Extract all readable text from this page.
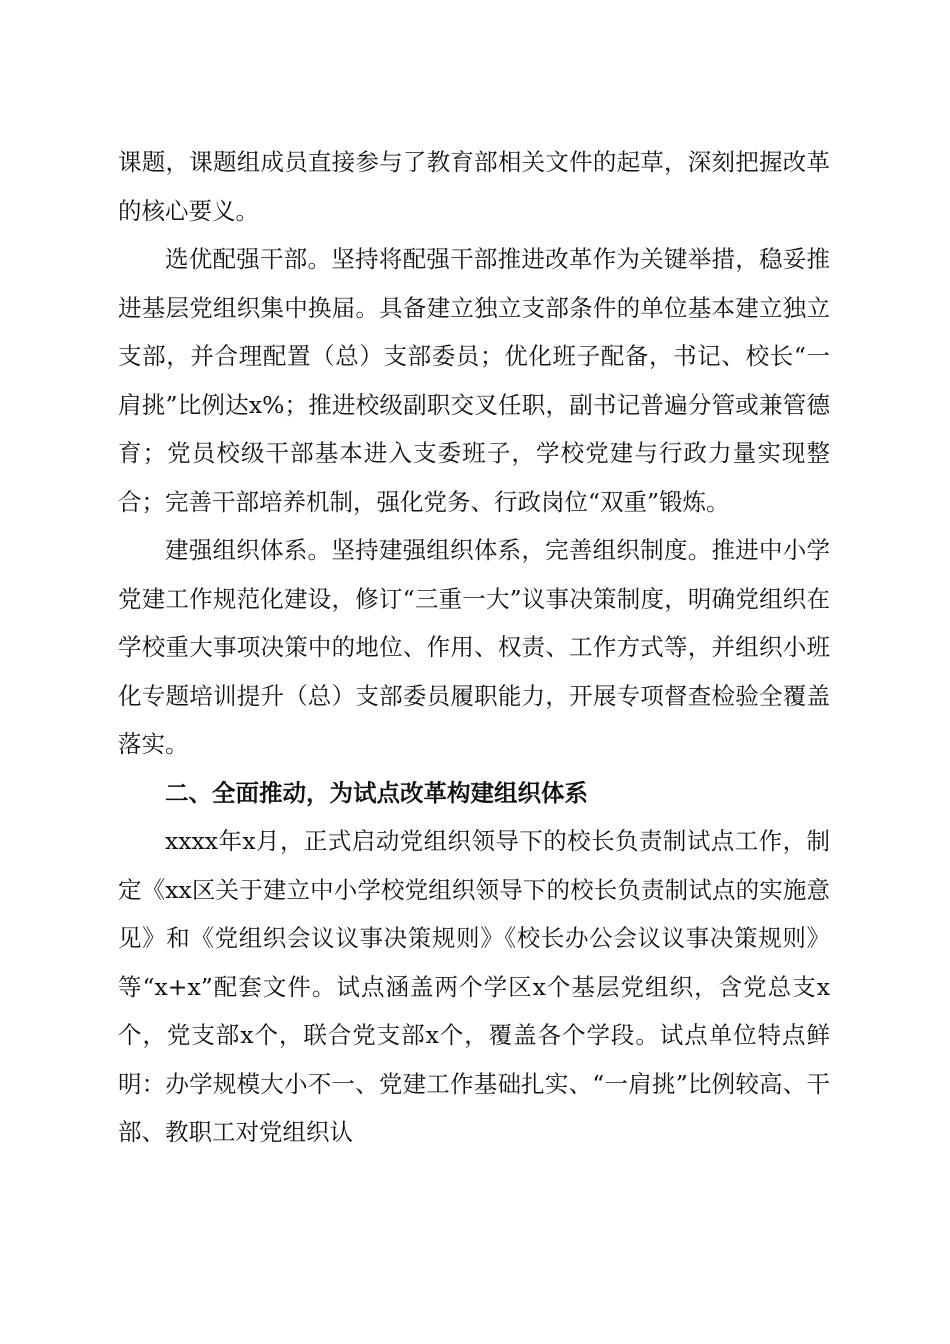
课题，课题组成员直接参与了教育部相关文件的起草，深刻把握改革的核心要义。

选优配强干部。坚持将配强干部推进改革作为关键举措，稳妥推进基层党组织集中换届。具备建立独立支部条件的单位基本建立独立支部，并合理配置（总）支部委员；优化班子配备，书记、校长“一肩挑”比例达x%；推进校级副职交叉任职，副书记普遍分管或兼管德育；党员校级干部基本进入支委班子，学校党建与行政力量实现整合；完善干部培养机制，强化党务、行政岗位“双重”锻炼。

建强组织体系。坚持建强组织体系，完善组织制度。推进中小学党建工作规范化建设，修订“三重一大”议事决策制度，明确党组织在学校重大事项决策中的地位、作用、权责、工作方式等，并组织小班化专题培训提升（总）支部委员履职能力，开展专项督查检验全覆盖落实。

二、全面推动，为试点改革构建组织体系

xxxx年x月，正式启动党组织领导下的校长负责制试点工作，制定《xx区关于建立中小学校党组织领导下的校长负责制试点的实施意见》和《党组织会议议事决策规则》《校长办公会议议事决策规则》等“x+x”配套文件。试点涵盖两个学区x个基层党组织，含党总支x个，党支部x个，联合党支部x个，覆盖各个学段。试点单位特点鲜明：办学规模大小不一、党建工作基础扎实、“一肩挑”比例较高、干部、教职工对党组织认
